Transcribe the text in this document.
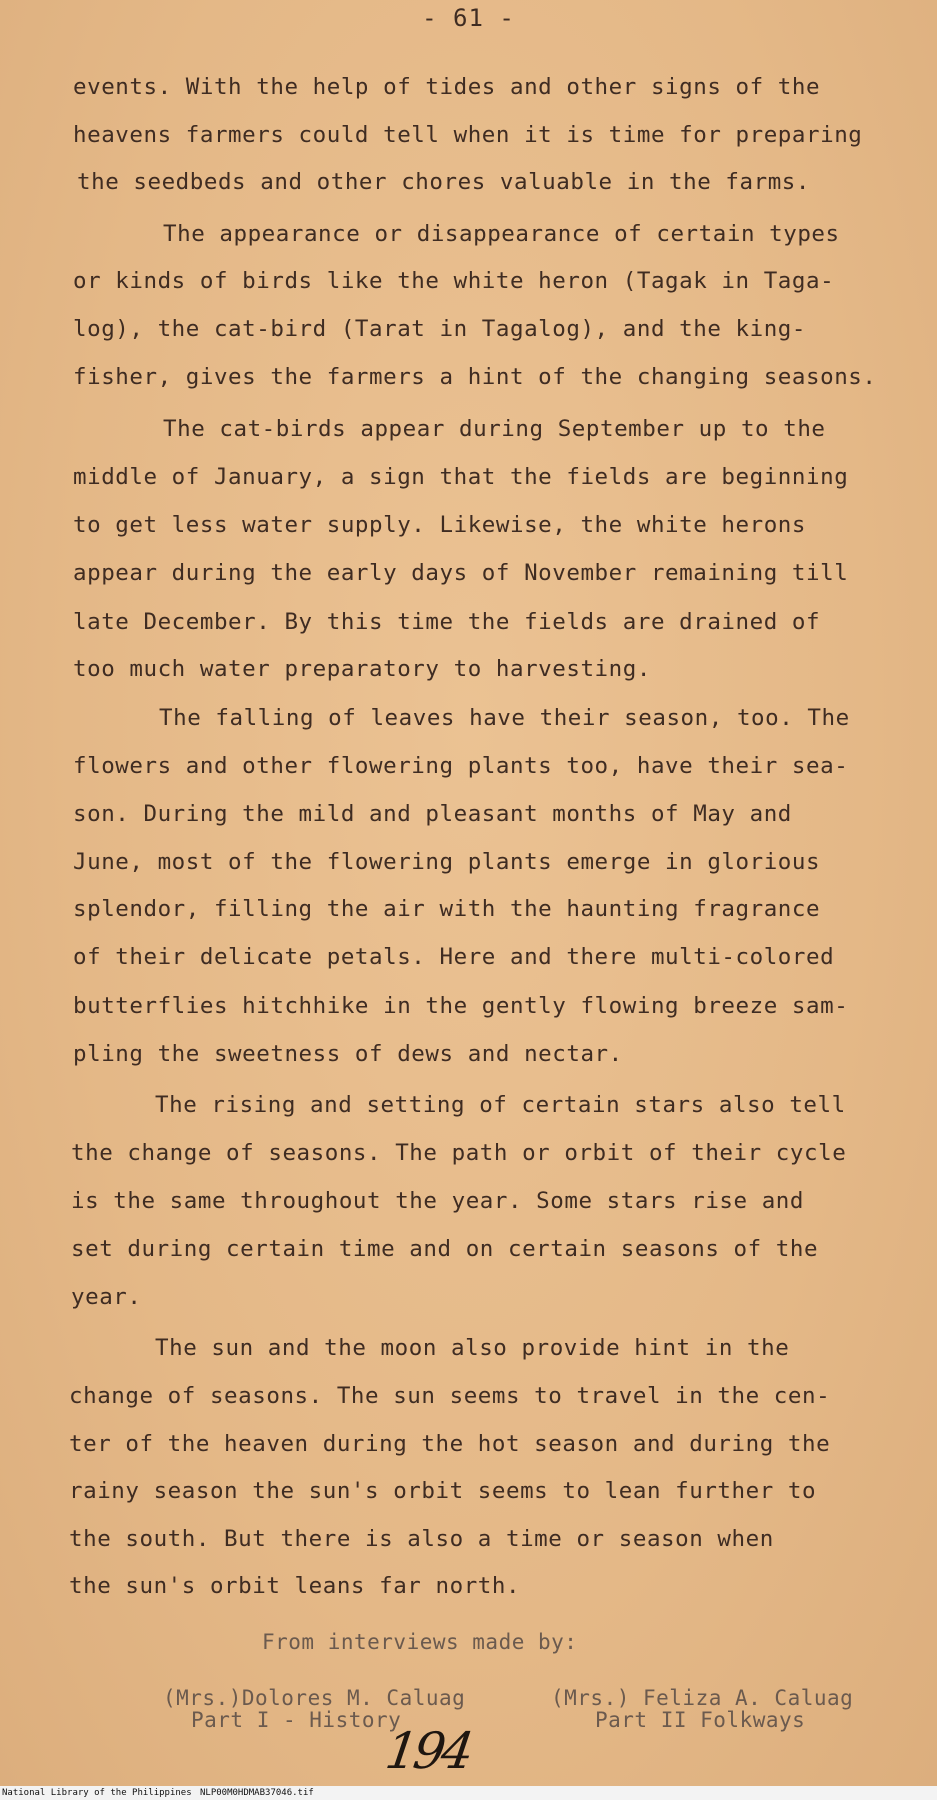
- 61 -
events. With the help of tides and other signs of the
heavens farmers could tell when it is time for preparing
the seedbeds and other chores valuable in the farms.
The appearance or disappearance of certain types
or kinds of birds like the white heron (Tagak in Taga-
log), the cat-bird (Tarat in Tagalog), and the king-
fisher, gives the farmers a hint of the changing seasons.
The cat-birds appear during September up to the
middle of January, a sign that the fields are beginning
to get less water supply. Likewise, the white herons
appear during the early days of November remaining till
late December. By this time the fields are drained of
too much water preparatory to harvesting.
The falling of leaves have their season, too. The
flowers and other flowering plants too, have their sea-
son. During the mild and pleasant months of May and
June, most of the flowering plants emerge in glorious
splendor, filling the air with the haunting fragrance
of their delicate petals. Here and there multi-colored
butterflies hitchhike in the gently flowing breeze sam-
pling the sweetness of dews and nectar.
The rising and setting of certain stars also tell
the change of seasons. The path or orbit of their cycle
is the same throughout the year. Some stars rise and
set during certain time and on certain seasons of the
year.
The sun and the moon also provide hint in the
change of seasons. The sun seems to travel in the cen-
ter of the heaven during the hot season and during the
rainy season the sun's orbit seems to lean further to
the south. But there is also a time or season when
the sun's orbit leans far north.
From interviews made by:
(Mrs.)Dolores M. Caluag
Part I - History
(Mrs.) Feliza A. Caluag
Part II Folkways
194
National Library of the Philippines NLP00M0HDMAB37046.tif
